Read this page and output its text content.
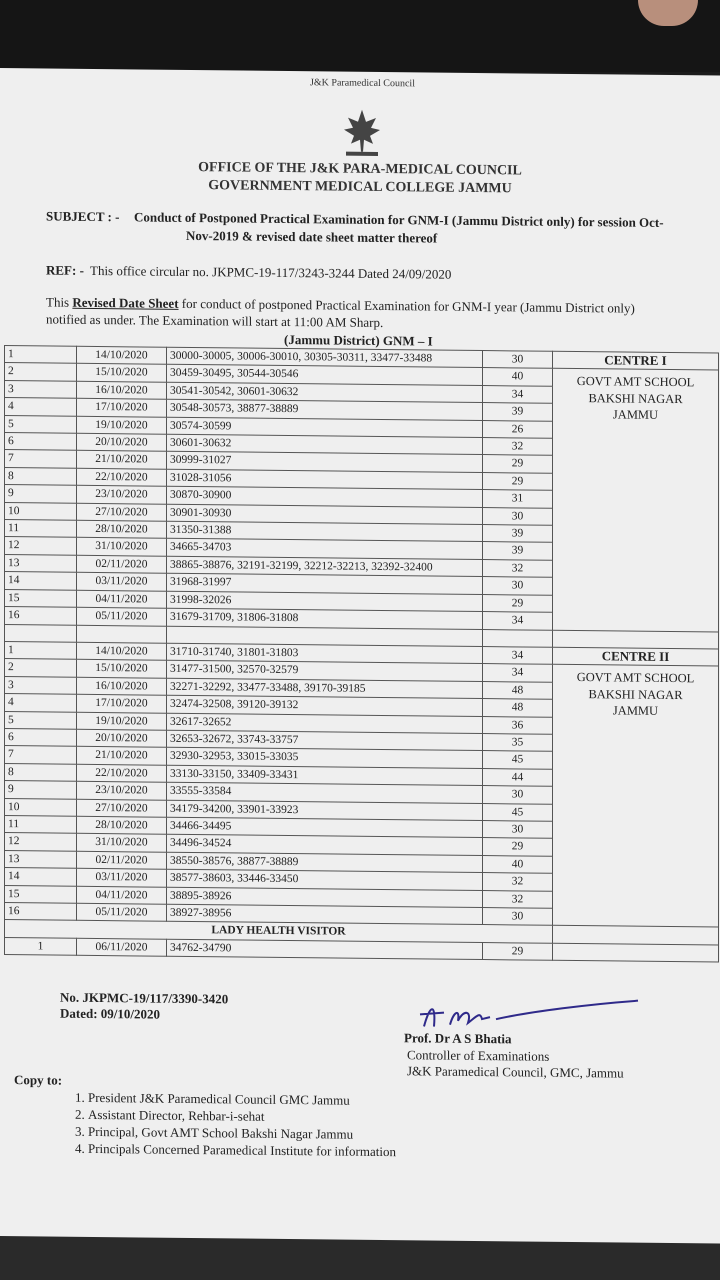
J&K Paramedical Council
OFFICE OF THE J&K PARA-MEDICAL COUNCIL
GOVERNMENT MEDICAL COLLEGE JAMMU
SUBJECT : - Conduct of Postponed Practical Examination for GNM-I (Jammu District only) for session Oct-
Nov-2019 & revised date sheet matter thereof
REF: - This office circular no. JKPMC-19-117/3243-3244 Dated 24/09/2020
This Revised Date Sheet for conduct of postponed Practical Examination for GNM-I year (Jammu District only)
notified as under. The Examination will start at 11:00 AM Sharp.
(Jammu District) GNM – I
1	14/10/2020	30000-30005, 30006-30010, 30305-30311, 33477-33488	30	CENTRE I
2	15/10/2020	30459-30495, 30544-30546	40	GOVT AMT SCHOOL
BAKSHI NAGAR
JAMMU

3	16/10/2020	30541-30542, 30601-30632	34	
4	17/10/2020	30548-30573, 38877-38889	39	
5	19/10/2020	30574-30599	26	
6	20/10/2020	30601-30632	32	
7	21/10/2020	30999-31027	29	
8	22/10/2020	31028-31056	29	
9	23/10/2020	30870-30900	31	
10	27/10/2020	30901-30930	30	
11	28/10/2020	31350-31388	39	
12	31/10/2020	34665-34703	39	
13	02/11/2020	38865-38876, 32191-32199, 32212-32213, 32392-32400	32	
14	03/11/2020	31968-31997	30	
15	04/11/2020	31998-32026	29	
16	05/11/2020	31679-31709, 31806-31808	34	

1	14/10/2020	31710-31740, 31801-31803	34	CENTRE II
2	15/10/2020	31477-31500, 32570-32579	34	GOVT AMT SCHOOL
BAKSHI NAGAR
JAMMU

3	16/10/2020	32271-32292, 33477-33488, 39170-39185	48	
4	17/10/2020	32474-32508, 39120-39132	48	
5	19/10/2020	32617-32652	36	
6	20/10/2020	32653-32672, 33743-33757	35	
7	21/10/2020	32930-32953, 33015-33035	45	
8	22/10/2020	33130-33150, 33409-33431	44	
9	23/10/2020	33555-33584	30	
10	27/10/2020	34179-34200, 33901-33923	45	
11	28/10/2020	34466-34495	30	
12	31/10/2020	34496-34524	29	
13	02/11/2020	38550-38576, 38877-38889	40	
14	03/11/2020	38577-38603, 33446-33450	32	
15	04/11/2020	38895-38926	32	
16	05/11/2020	38927-38956	30	
LADY HEALTH VISITOR				
1	06/11/2020	34762-34790	29	
No. JKPMC-19/117/3390-3420
Dated: 09/10/2020
Prof. Dr A S Bhatia
Controller of Examinations
J&K Paramedical Council, GMC, Jammu
Copy to:
1. President J&K Paramedical Council GMC Jammu
2. Assistant Director, Rehbar-i-sehat
3. Principal, Govt AMT School Bakshi Nagar Jammu
4. Principals Concerned Paramedical Institute for information
